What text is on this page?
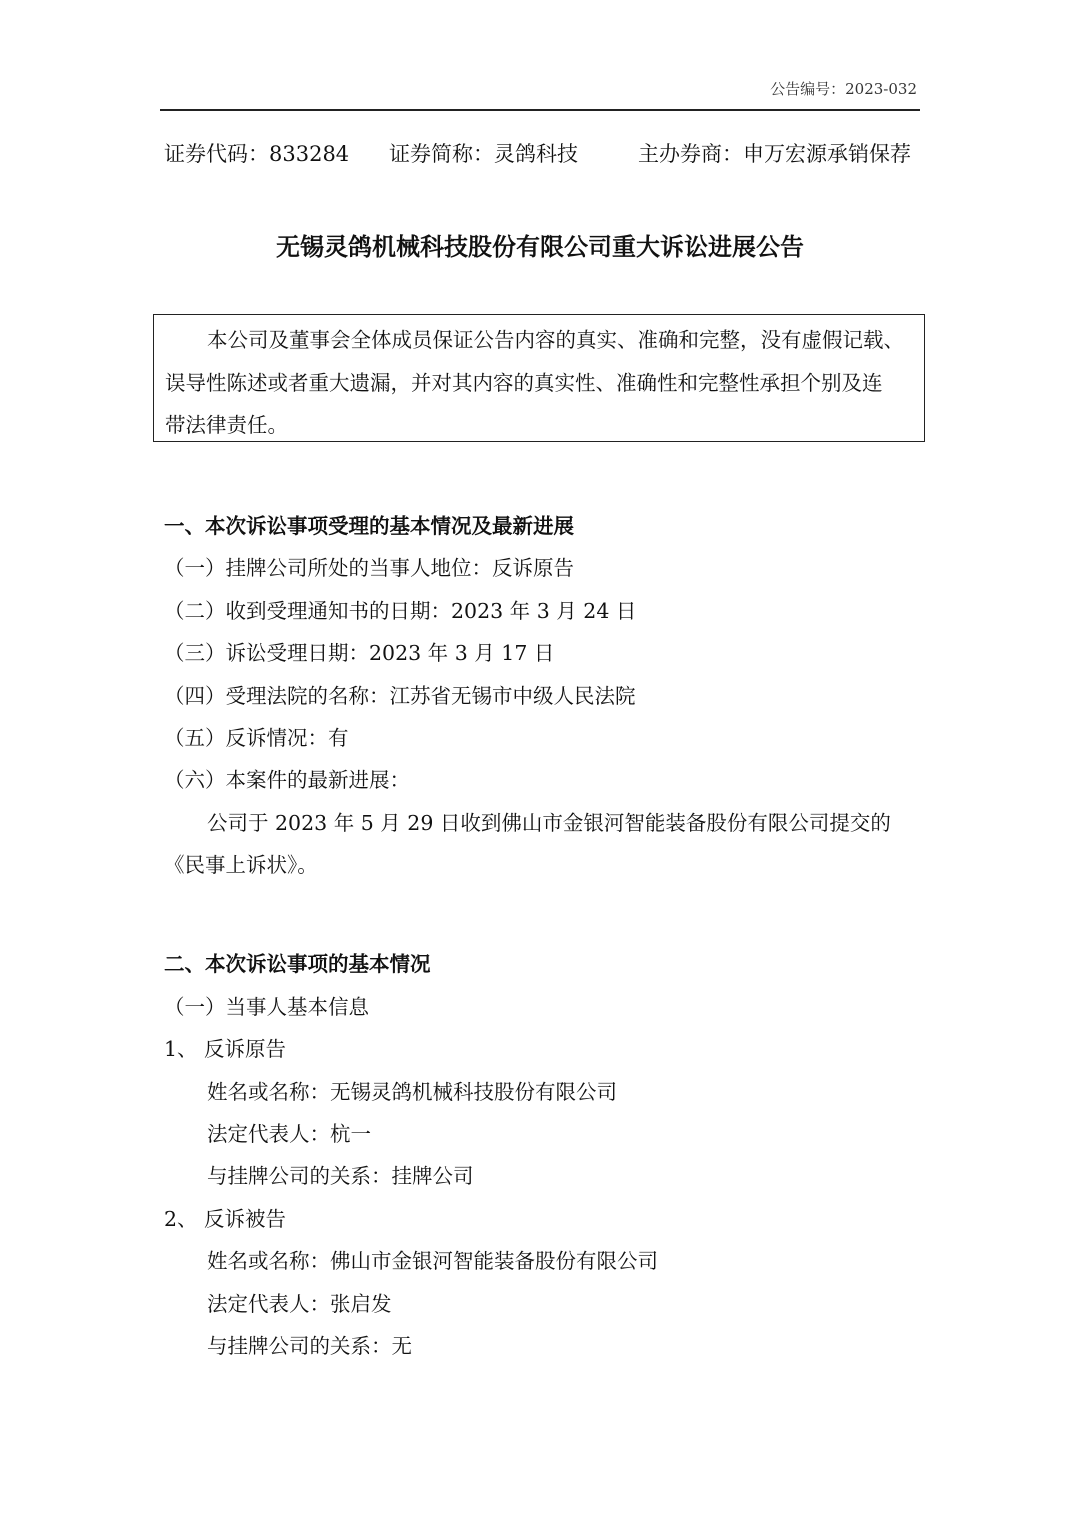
公告编号：2023-032
证券代码：833284 证券简称：灵鸽科技	主办券商：申万宏源承销保荐
无锡灵鸽机械科技股份有限公司重大诉讼进展公告
本公司及董事会全体成员保证公告内容的真实、准确和完整，没有虚假记载、
误导性陈述或者重大遗漏，并对其内容的真实性、准确性和完整性承担个别及连
带法律责任。
一、本次诉讼事项受理的基本情况及最新进展
（一）挂牌公司所处的当事人地位：反诉原告
（二）收到受理通知书的日期：2023 年 3 月 24 日
（三）诉讼受理日期：2023 年 3 月 17 日
（四）受理法院的名称：江苏省无锡市中级人民法院
（五）反诉情况：有
（六）本案件的最新进展：
公司于 2023 年 5 月 29 日收到佛山市金银河智能装备股份有限公司提交的
《民事上诉状》。
二、本次诉讼事项的基本情况
（一）当事人基本信息
1、 反诉原告
姓名或名称：无锡灵鸽机械科技股份有限公司
法定代表人：杭一
与挂牌公司的关系：挂牌公司
2、 反诉被告
姓名或名称：佛山市金银河智能装备股份有限公司
法定代表人：张启发
与挂牌公司的关系：无
